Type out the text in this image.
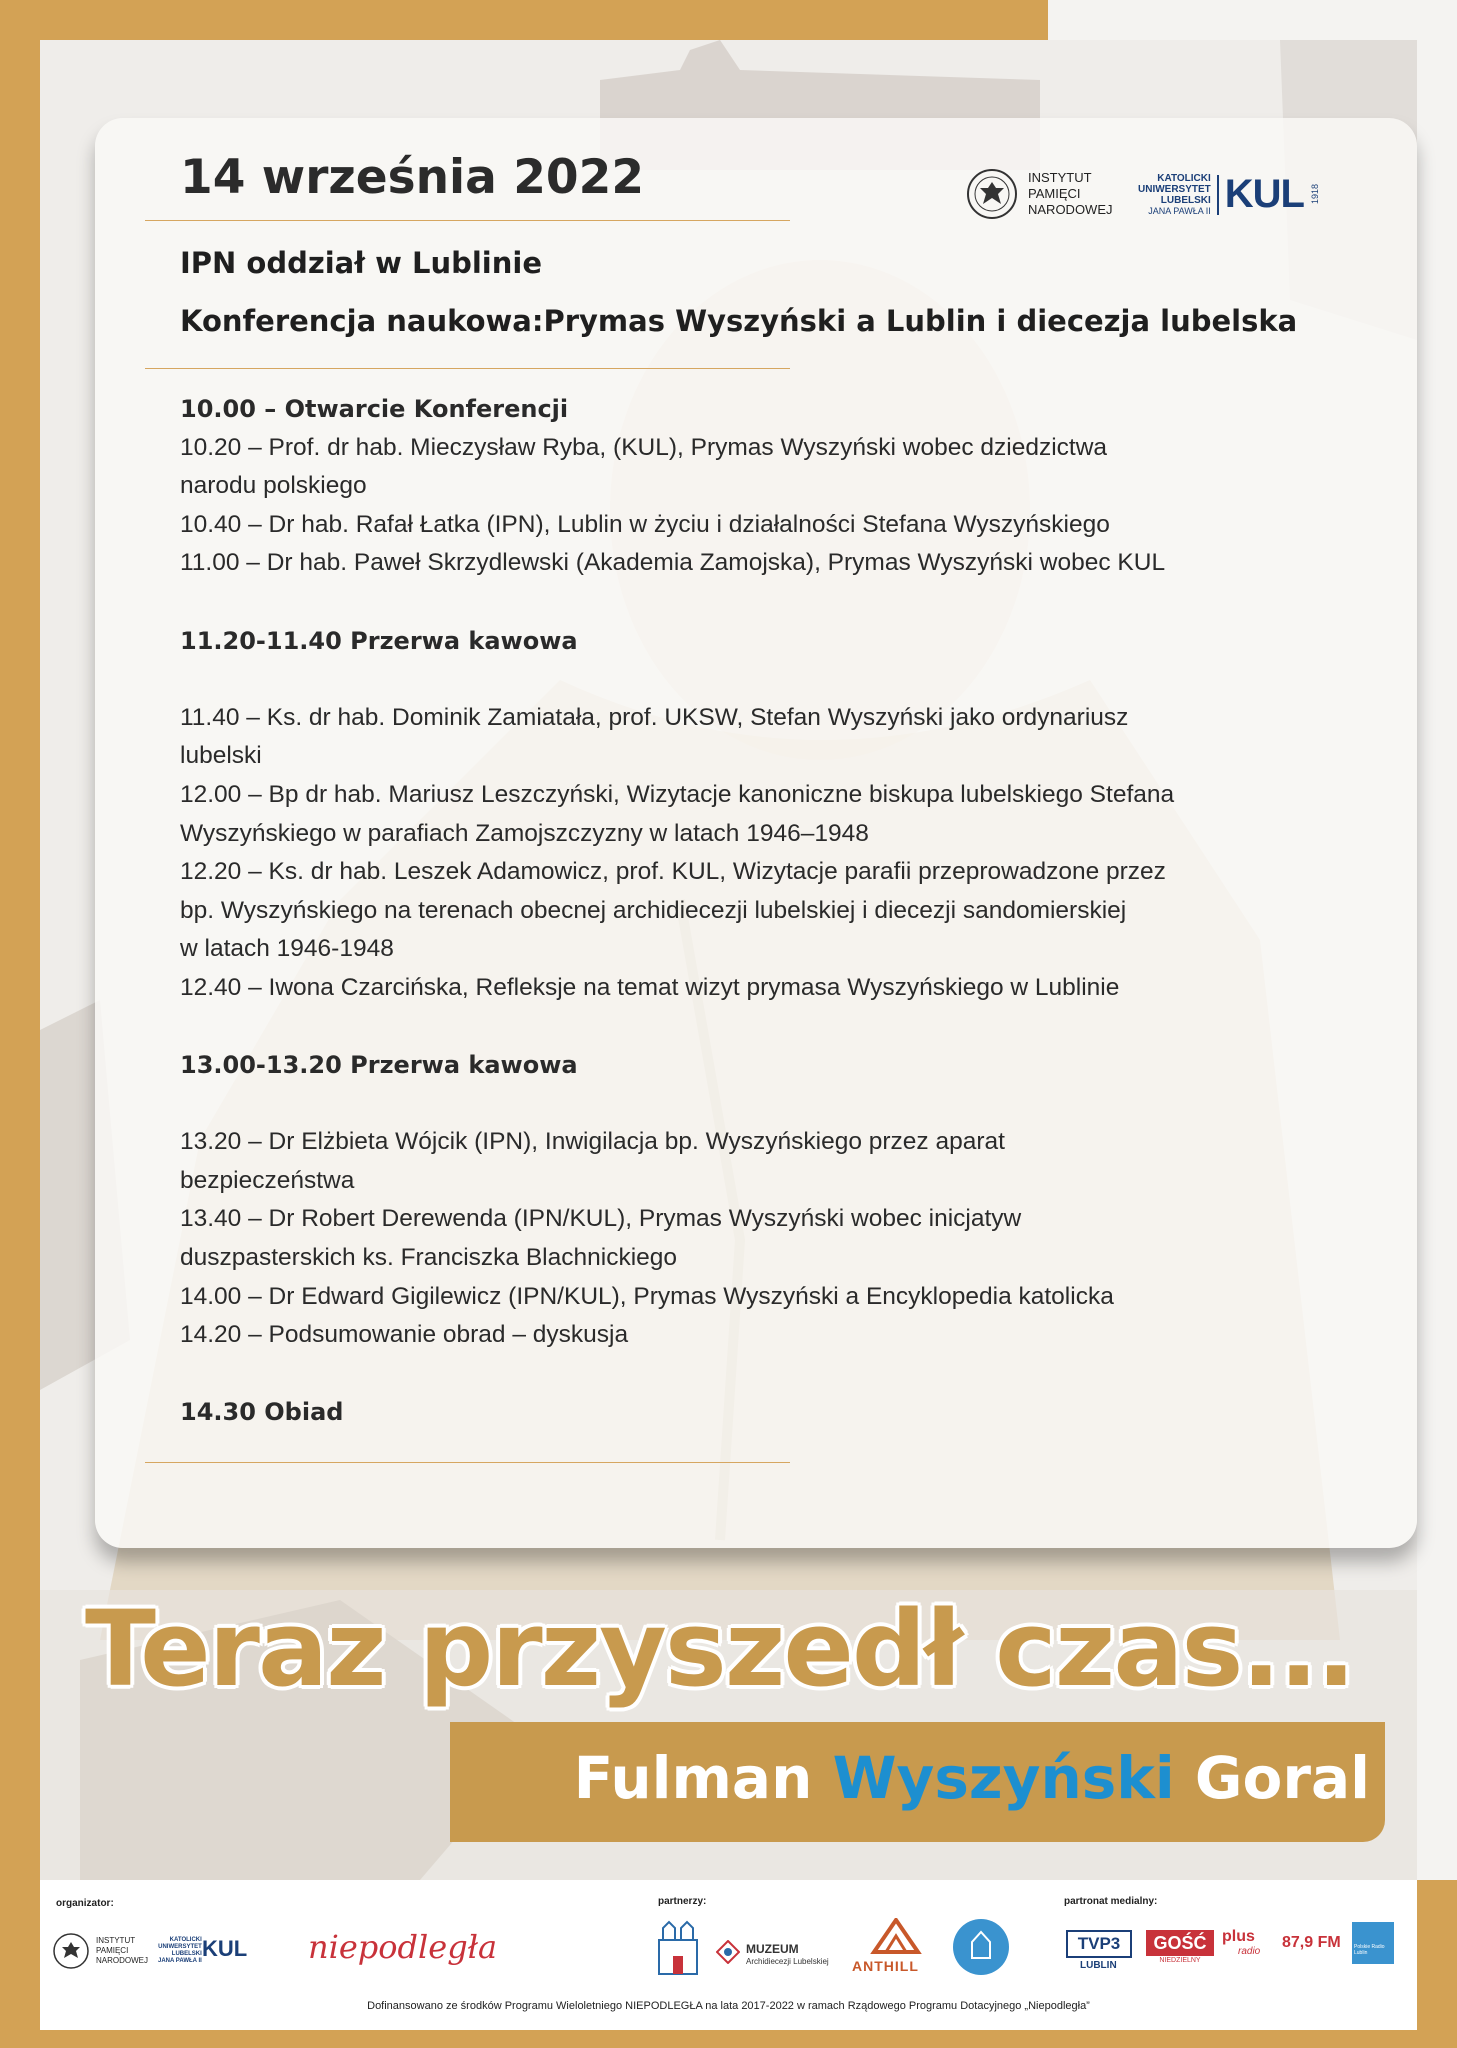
14 września 2022	INSTYTUT
PAMIĘCI
NARODOWEJ
KATOLICKI
UNIWERSYTET
LUBELSKI
JANA PAWŁA II KUL 1918
IPN oddział w Lublinie
Konferencja naukowa:Prymas Wyszyński a Lublin i diecezja lubelska
10.00 – Otwarcie Konferencji
10.20 – Prof. dr hab. Mieczysław Ryba, (KUL), Prymas Wyszyński wobec dziedzictwa
narodu polskiego
10.40 – Dr hab. Rafał Łatka (IPN), Lublin w życiu i działalności Stefana Wyszyńskiego
11.00 – Dr hab. Paweł Skrzydlewski (Akademia Zamojska), Prymas Wyszyński wobec KUL
11.20-11.40 Przerwa kawowa
11.40 – Ks. dr hab. Dominik Zamiatała, prof. UKSW, Stefan Wyszyński jako ordynariusz
lubelski
12.00 – Bp dr hab. Mariusz Leszczyński, Wizytacje kanoniczne biskupa lubelskiego Stefana
Wyszyńskiego w parafiach Zamojszczyzny w latach 1946–1948
12.20 – Ks. dr hab. Leszek Adamowicz, prof. KUL, Wizytacje parafii przeprowadzone przez
bp. Wyszyńskiego na terenach obecnej archidiecezji lubelskiej i diecezji sandomierskiej
w latach 1946-1948
12.40 – Iwona Czarcińska, Refleksje na temat wizyt prymasa Wyszyńskiego w Lublinie
13.00-13.20 Przerwa kawowa
13.20 – Dr Elżbieta Wójcik (IPN), Inwigilacja bp. Wyszyńskiego przez aparat
bezpieczeństwa
13.40 – Dr Robert Derewenda (IPN/KUL), Prymas Wyszyński wobec inicjatyw
duszpasterskich ks. Franciszka Blachnickiego
14.00 – Dr Edward Gigilewicz (IPN/KUL), Prymas Wyszyński a Encyklopedia katolicka
14.20 – Podsumowanie obrad – dyskusja
14.30 Obiad
Teraz przyszedł czas...
Fulman Wyszyński Goral
organizator:	partnerzy:	partronat medialny:
INSTYTUT
PAMIĘCI
NARODOWEJ
KATOLICKI
UNIWERSYTET
LUBELSKI
JANA PAWŁA II KUL niepodległa	MUZEUM
Archidiecezji Lubelskiej ANTHILL
TVP3
LUBLIN
GOŚĆ
NIEDZIELNY
plus
radio
87,9 FM	Polskie Radio Lublin
Dofinansowano ze środków Programu Wieloletniego NIEPODLEGŁA na lata 2017-2022 w ramach Rządowego Programu Dotacyjnego „Niepodległa”
